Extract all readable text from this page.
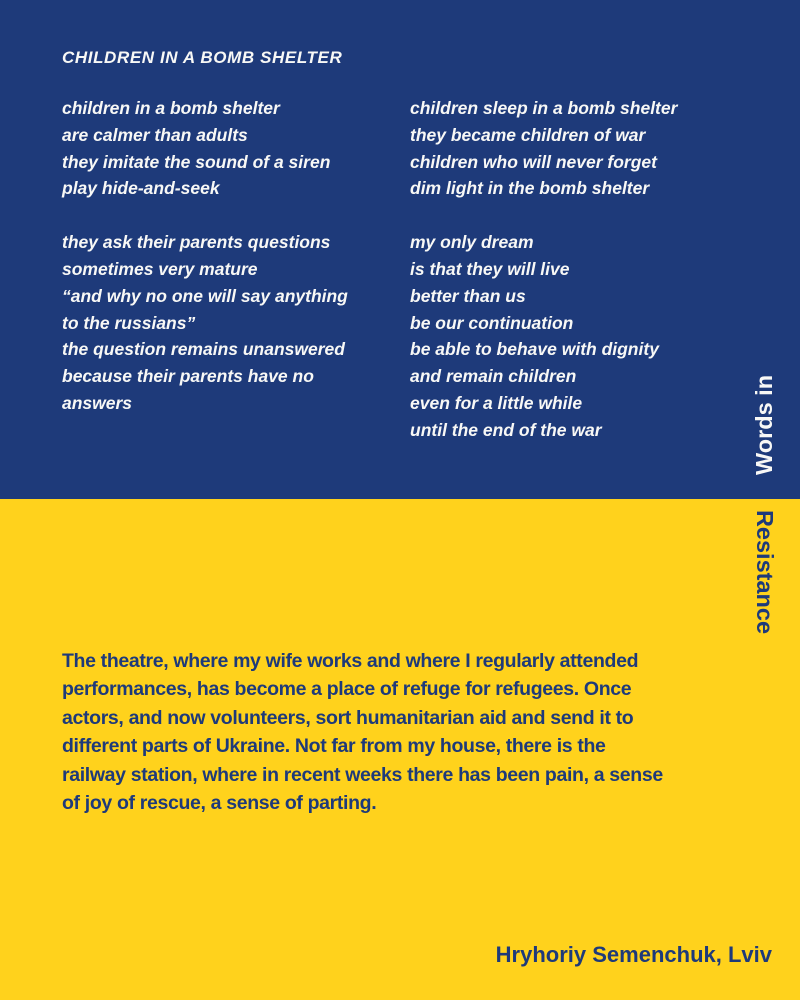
CHILDREN IN A BOMB SHELTER
children in a bomb shelter
are calmer than adults
they imitate the sound of a siren
play hide-and-seek
they ask their parents questions
sometimes very mature
“and why no one will say anything
to the russians”
the question remains unanswered
because their parents have no
answers
children sleep in a bomb shelter
they became children of war
children who will never forget
dim light in the bomb shelter
my only dream
is that they will live
better than us
be our continuation
be able to behave with dignity
and remain children
even for a little while
until the end of the war	Words in
Resistance
The theatre, where my wife works and where I regularly attended
performances, has become a place of refuge for refugees. Once
actors, and now volunteers, sort humanitarian aid and send it to
different parts of Ukraine. Not far from my house, there is the
railway station, where in recent weeks there has been pain, a sense
of joy of rescue, a sense of parting.
Hryhoriy Semenchuk, Lviv
